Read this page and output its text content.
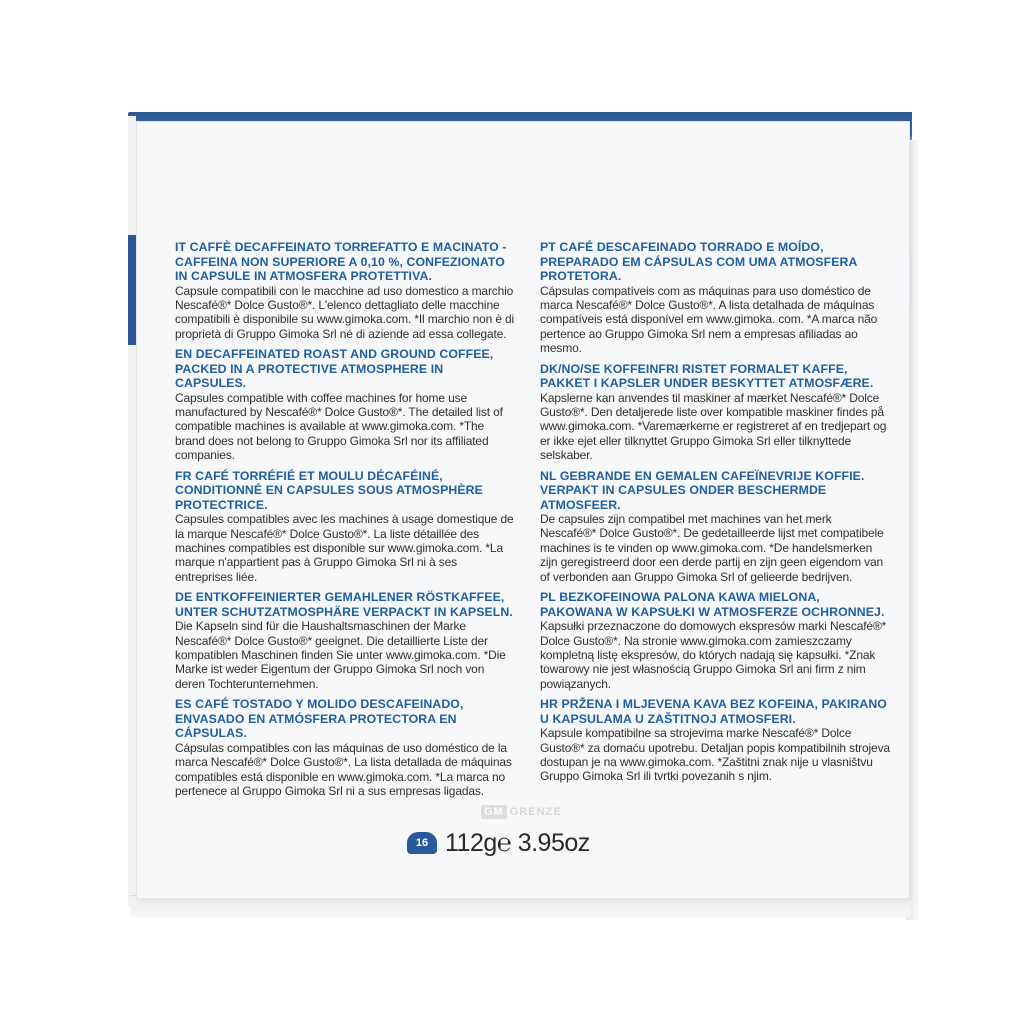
IT CAFFÈ DECAFFEINATO TORREFATTO E MACINATO - CAFFEINA NON SUPERIORE A 0,10 %, CONFEZIONATO IN CAPSULE IN ATMOSFERA PROTETTIVA.

Capsule compatibili con le macchine ad uso domestico a marchio Nescafé®* Dolce Gusto®*. L'elenco dettagliato delle macchine compatibili è disponibile su www.gimoka.com. *Il marchio non è di proprietà di Gruppo Gimoka Srl né di aziende ad essa collegate.

EN DECAFFEINATED ROAST AND GROUND COFFEE, PACKED IN A PROTECTIVE ATMOSPHERE IN CAPSULES.

Capsules compatible with coffee machines for home use manufactured by Nescafé®* Dolce Gusto®*. The detailed list of compatible machines is available at www.gimoka.com. *The brand does not belong to Gruppo Gimoka Srl nor its affiliated companies.

FR CAFÉ TORRÉFIÉ ET MOULU DÉCAFÉINÉ, CONDITIONNÉ EN CAPSULES SOUS ATMOSPHÈRE PROTECTRICE.

Capsules compatibles avec les machines à usage domestique de la marque Nescafé®* Dolce Gusto®*. La liste détaillée des machines compatibles est disponible sur www.gimoka.com. *La marque n'appartient pas à Gruppo Gimoka Srl ni à ses entreprises liée.

DE ENTKOFFEINIERTER GEMAHLENER RÖSTKAFFEE, UNTER SCHUTZATMOSPHÄRE VERPACKT IN KAPSELN.

Die Kapseln sind für die Haushaltsmaschinen der Marke Nescafé®* Dolce Gusto®* geeignet. Die detaillierte Liste der kompatiblen Maschinen finden Sie unter www.gimoka.com. *Die Marke ist weder Eigentum der Gruppo Gimoka Srl noch von deren Tochterunternehmen.

ES CAFÉ TOSTADO Y MOLIDO DESCAFEINADO, ENVASADO EN ATMÓSFERA PROTECTORA EN CÁPSULAS.

Cápsulas compatibles con las máquinas de uso doméstico de la marca Nescafé®* Dolce Gusto®*. La lista detallada de máquinas compatibles está disponible en www.gimoka.com. *La marca no pertenece al Gruppo Gimoka Srl ni a sus empresas ligadas.

PT CAFÉ DESCAFEINADO TORRADO E MOÍDO, PREPARADO EM CÁPSULAS COM UMA ATMOSFERA PROTETORA.

Cápsulas compatíveis com as máquinas para uso doméstico de marca Nescafé®* Dolce Gusto®*. A lista detalhada de máquinas compatíveis está disponível em www.gimoka. com. *A marca não pertence ao Gruppo Gimoka Srl nem a empresas afiliadas ao mesmo.

DK/NO/SE KOFFEINFRI RISTET FORMALET KAFFE, PAKKET I KAPSLER UNDER BESKYTTET ATMOSFÆRE.

Kapslerne kan anvendes til maskiner af mærket Nescafé®* Dolce Gusto®*. Den detaljerede liste over kompatible maskiner findes på www.gimoka.com. *Varemærkerne er registreret af en tredjepart og er ikke ejet eller tilknyttet Gruppo Gimoka Srl eller tilknyttede selskaber.

NL GEBRANDE EN GEMALEN CAFEÏNEVRIJE KOFFIE. VERPAKT IN CAPSULES ONDER BESCHERMDE ATMOSFEER.

De capsules zijn compatibel met machines van het merk Nescafé®* Dolce Gusto®*. De gedetailleerde lijst met compatibele machines is te vinden op www.gimoka.com. *De handelsmerken zijn geregistreerd door een derde partij en zijn geen eigendom van of verbonden aan Gruppo Gimoka Srl of gelieerde bedrijven.

PL BEZKOFEINOWA PALONA KAWA MIELONA, PAKOWANA W KAPSUŁKI W ATMOSFERZE OCHRONNEJ.

Kapsułki przeznaczone do domowych ekspresów marki Nescafé®* Dolce Gusto®*. Na stronie www.gimoka.com zamieszczamy kompletną listę ekspresów, do których nadają się kapsułki. *Znak towarowy nie jest własnością Gruppo Gimoka Srl ani firm z nim powiązanych.

HR PRŽENA I MLJEVENA KAVA BEZ KOFEINA, PAKIRANO U KAPSULAMA U ZAŠTITNOJ ATMOSFERI.

Kapsule kompatibilne sa strojevima marke Nescafé®* Dolce Gusto®* za domaću upotrebu. Detaljan popis kompatibilnih strojeva dostupan je na www.gimoka.com. *Zaštitni znak nije u vlasništvu Gruppo Gimoka Srl ili tvrtki povezanih s njim.

GM GRENZE
16 112g℮ 3.95oz
